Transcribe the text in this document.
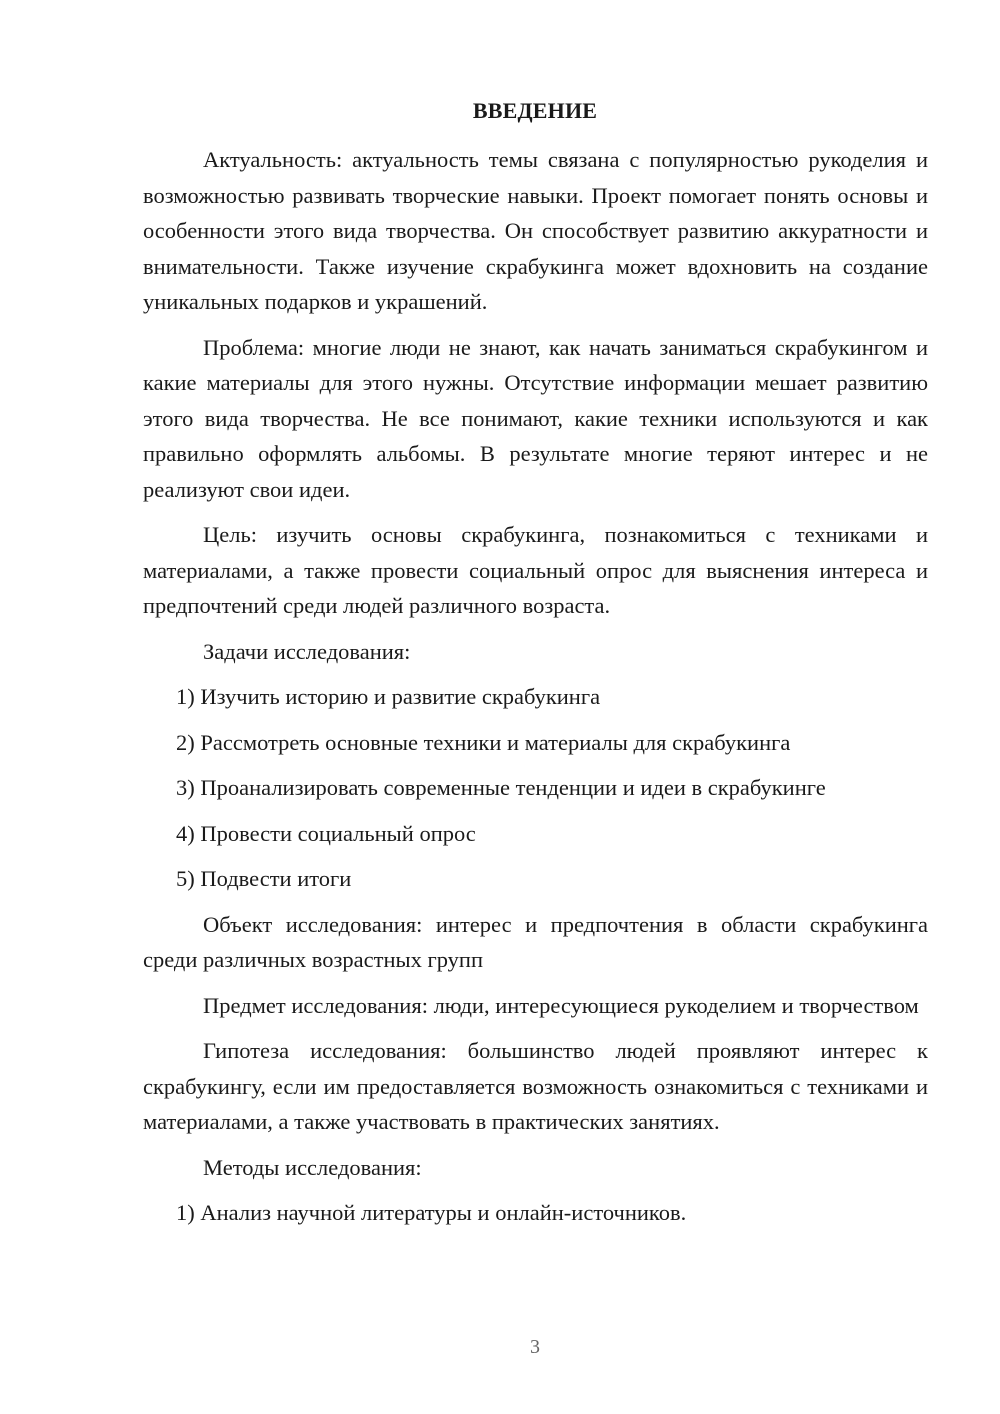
ВВЕДЕНИЕ

Актуальность: актуальность темы связана с популярностью рукоделия и возможностью развивать творческие навыки. Проект помогает понять основы и особенности этого вида творчества. Он способствует развитию аккуратности и внимательности. Также изучение скрабукинга может вдохновить на создание уникальных подарков и украшений.

Проблема: многие люди не знают, как начать заниматься скрабукингом и какие материалы для этого нужны. Отсутствие информации мешает развитию этого вида творчества. Не все понимают, какие техники используются и как правильно оформлять альбомы. В результате многие теряют интерес и не реализуют свои идеи.

Цель: изучить основы скрабукинга, познакомиться с техниками и материалами, а также провести социальный опрос для выяснения интереса и предпочтений среди людей различного возраста.

Задачи исследования:

1) Изучить историю и развитие скрабукинга

2) Рассмотреть основные техники и материалы для скрабукинга

3) Проанализировать современные тенденции и идеи в скрабукинге

4) Провести социальный опрос

5) Подвести итоги

Объект исследования: интерес и предпочтения в области скрабукинга среди различных возрастных групп

Предмет исследования: люди, интересующиеся рукоделием и творчеством

Гипотеза исследования: большинство людей проявляют интерес к скрабукингу, если им предоставляется возможность ознакомиться с техниками и материалами, а также участвовать в практических занятиях.

Методы исследования:

1) Анализ научной литературы и онлайн-источников.

3
